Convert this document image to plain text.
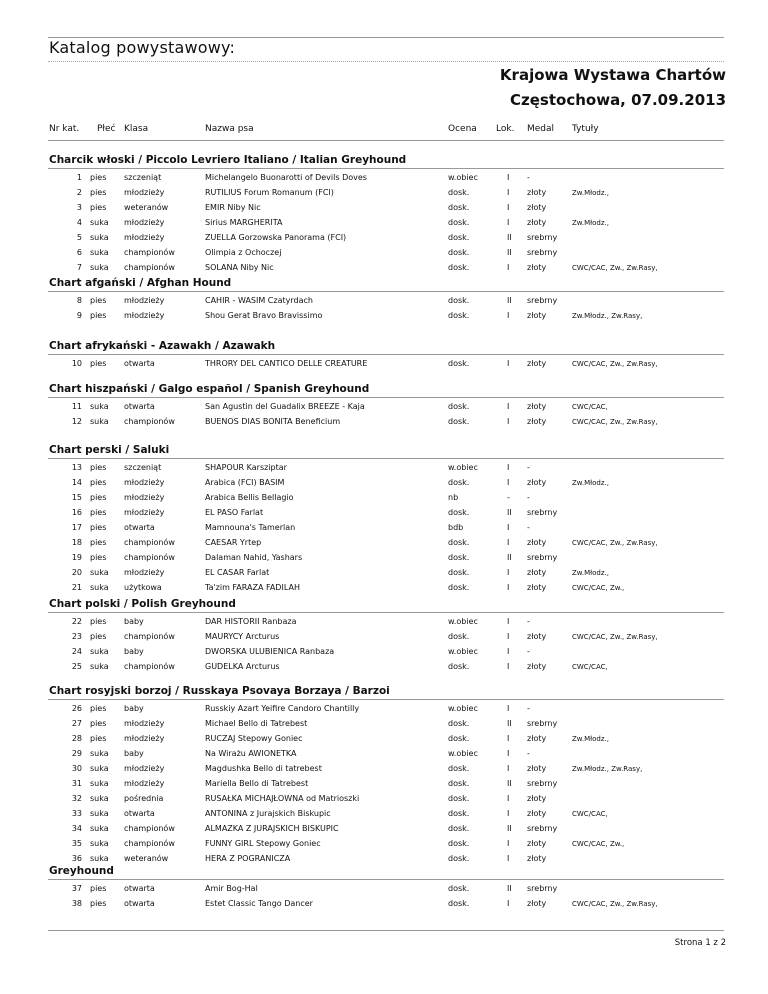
Katalog powystawowy:
Krajowa Wystawa Chartów
Częstochowa, 07.09.2013
Nr kat. Płeć Klasa	Nazwa psa	Ocena Lok. Medal Tytuły
Charcik włoski / Piccolo Levriero Italiano / Italian Greyhound
1 pies szczeniąt	Michelangelo Buonarotti of Devils Doves	w.obiec	I -
2 pies młodzieży	RUTILIUS Forum Romanum (FCI)	dosk.	I złoty	Zw.Młodz.,
3 pies weteranów	EMIR Niby Nic	dosk.	I złoty
4 suka młodzieży	Sirius MARGHERITA	dosk.	I złoty	Zw.Młodz.,
5 suka młodzieży	ZUELLA Gorzowska Panorama (FCI)	dosk.	II srebrny
6 suka championów	Olimpia z Ochoczej	dosk.	II srebrny
7 suka championów	SOLANA Niby Nic	dosk.	I złoty	CWC/CAC, Zw., Zw.Rasy,
Chart afgański / Afghan Hound
8 pies młodzieży	CAHIR - WASIM Czatyrdach	dosk.	II srebrny
9 pies młodzieży	Shou Gerat Bravo Bravissimo	dosk.	I złoty	Zw.Młodz., Zw.Rasy,
Chart afrykański - Azawakh / Azawakh
10 pies otwarta	THRORY DEL CANTICO DELLE CREATURE	dosk.	I złoty	CWC/CAC, Zw., Zw.Rasy,
Chart hiszpański / Galgo español / Spanish Greyhound
11 suka otwarta	San Agustin del Guadalix BREEZE - Kaja	dosk.	I złoty	CWC/CAC,
12 suka championów	BUENOS DIAS BONITA Beneficium	dosk.	I złoty	CWC/CAC, Zw., Zw.Rasy,
Chart perski / Saluki
13 pies szczeniąt	SHAPOUR Karsziptar	w.obiec	I -
14 pies młodzieży	Arabica (FCI) BASIM	dosk.	I złoty	Zw.Młodz.,
15 pies młodzieży	Arabica Bellis Bellagio	nb	- -
16 pies młodzieży	EL PASO Farlat	dosk.	II srebrny
17 pies otwarta	Mamnouna's Tamerlan	bdb	I -
18 pies championów	CAESAR Yrtep	dosk.	I złoty	CWC/CAC, Zw., Zw.Rasy,
19 pies championów	Dalaman Nahid, Yashars	dosk.	II srebrny
20 suka młodzieży	EL CASAR Farlat	dosk.	I złoty	Zw.Młodz.,
21 suka użytkowa	Ta'zim FARAZA FADILAH	dosk.	I złoty	CWC/CAC, Zw.,
Chart polski / Polish Greyhound
22 pies baby	DAR HISTORII Ranbaza	w.obiec	I -
23 pies championów	MAURYCY Arcturus	dosk.	I złoty	CWC/CAC, Zw., Zw.Rasy,
24 suka baby	DWORSKA ULUBIENICA Ranbaza	w.obiec	I -
25 suka championów	GUDELKA Arcturus	dosk.	I złoty	CWC/CAC,
Chart rosyjski borzoj / Russkaya Psovaya Borzaya / Barzoi
26 pies baby	Russkiy Azart Yeifire Candoro Chantilly	w.obiec	I -
27 pies młodzieży	Michael Bello di Tatrebest	dosk.	II srebrny
28 pies młodzieży	RUCZAJ Stepowy Goniec	dosk.	I złoty	Zw.Młodz.,
29 suka baby	Na Wirażu AWIONETKA	w.obiec	I -
30 suka młodzieży	Magdushka Bello di tatrebest	dosk.	I złoty	Zw.Młodz., Zw.Rasy,
31 suka młodzieży	Mariella Bello di Tatrebest	dosk.	II srebrny
32 suka pośrednia	RUSAŁKA MICHAJŁOWNA od Matrioszki	dosk.	I złoty
33 suka otwarta	ANTONINA z Jurajskich Biskupic	dosk.	I złoty	CWC/CAC,
34 suka championów	ALMAZKA Z JURAJSKICH BISKUPIC	dosk.	II srebrny
35 suka championów	FUNNY GIRL Stepowy Goniec	dosk.	I złoty	CWC/CAC, Zw.,
36 suka weteranów	HERA Z POGRANICZA	dosk.	I złoty
Greyhound
37 pies otwarta	Amir Bog-Hal	dosk.	II srebrny
38 pies otwarta	Estet Classic Tango Dancer	dosk.	I złoty	CWC/CAC, Zw., Zw.Rasy,
Strona 1 z 2
